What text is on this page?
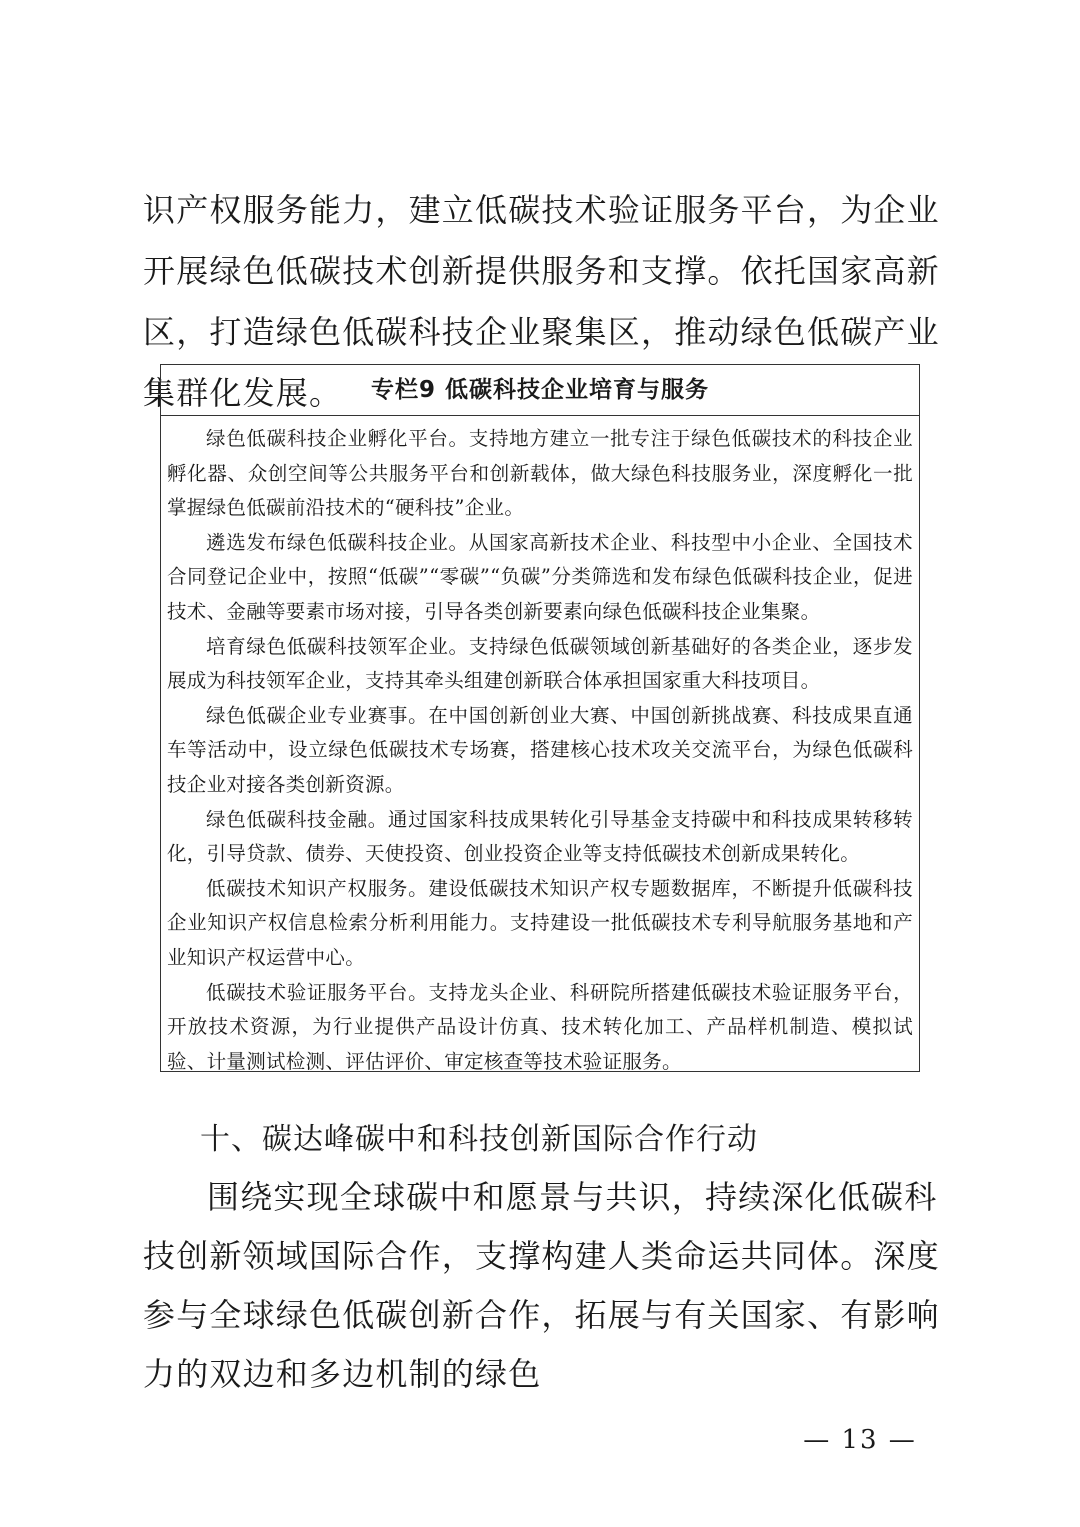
识产权服务能力，建立低碳技术验证服务平台，为企业开展绿色低碳技术创新提供服务和支撑。依托国家高新区，打造绿色低碳科技企业聚集区，推动绿色低碳产业集群化发展。	专栏9 低碳科技企业培育与服务

绿色低碳科技企业孵化平台。支持地方建立一批专注于绿色低碳技术的科技企业孵化器、众创空间等公共服务平台和创新载体，做大绿色科技服务业，深度孵化一批掌握绿色低碳前沿技术的“硬科技”企业。

遴选发布绿色低碳科技企业。从国家高新技术企业、科技型中小企业、全国技术合同登记企业中，按照“低碳”“零碳”“负碳”分类筛选和发布绿色低碳科技企业，促进技术、金融等要素市场对接，引导各类创新要素向绿色低碳科技企业集聚。

培育绿色低碳科技领军企业。支持绿色低碳领域创新基础好的各类企业，逐步发展成为科技领军企业，支持其牵头组建创新联合体承担国家重大科技项目。

绿色低碳企业专业赛事。在中国创新创业大赛、中国创新挑战赛、科技成果直通车等活动中，设立绿色低碳技术专场赛，搭建核心技术攻关交流平台，为绿色低碳科技企业对接各类创新资源。

绿色低碳科技金融。通过国家科技成果转化引导基金支持碳中和科技成果转移转化，引导贷款、债券、天使投资、创业投资企业等支持低碳技术创新成果转化。

低碳技术知识产权服务。建设低碳技术知识产权专题数据库，不断提升低碳科技企业知识产权信息检索分析利用能力。支持建设一批低碳技术专利导航服务基地和产业知识产权运营中心。

低碳技术验证服务平台。支持龙头企业、科研院所搭建低碳技术验证服务平台，开放技术资源，为行业提供产品设计仿真、技术转化加工、产品样机制造、模拟试验、计量测试检测、评估评价、审定核查等技术验证服务。

十、碳达峰碳中和科技创新国际合作行动

围绕实现全球碳中和愿景与共识，持续深化低碳科技创新领域国际合作，支撑构建人类命运共同体。深度参与全球绿色低碳创新合作，拓展与有关国家、有影响力的双边和多边机制的绿色

— 13 —
